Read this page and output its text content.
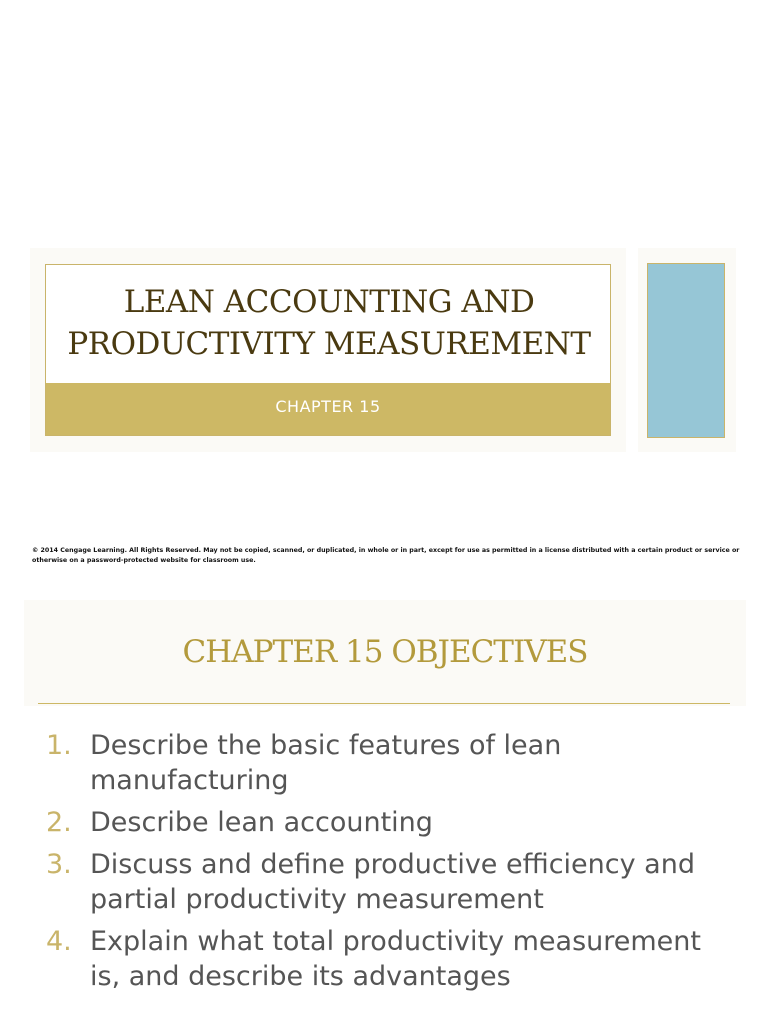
LEAN ACCOUNTING AND
PRODUCTIVITY MEASUREMENT
CHAPTER 15
© 2014 Cengage Learning. All Rights Reserved. May not be copied, scanned, or duplicated, in whole or in part, except for use as permitted in a license distributed with a certain product or service or otherwise on a password-protected website for classroom use.
CHAPTER 15 OBJECTIVES
1. Describe the basic features of lean manufacturing
2. Describe lean accounting
3. Discuss and define productive efficiency and partial productivity measurement
4. Explain what total productivity measurement is, and describe its advantages
